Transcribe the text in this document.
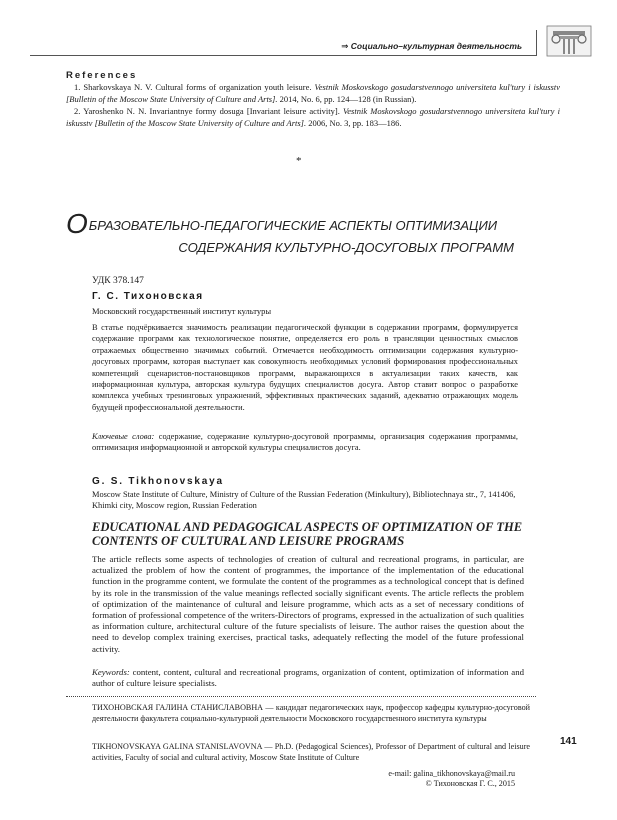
⇒ Социально–культурная деятельность
References

1. Sharkovskaya N. V. Cultural forms of organization youth leisure. Vestnik Moskovskogo gosudarstvennogo universiteta kul'tury i iskusstv [Bulletin of the Moscow State University of Culture and Arts]. 2014, No. 6, pp. 124—128 (in Russian).

2. Yaroshenko N. N. Invariantnye formy dosuga [Invariant leisure activity]. Vestnik Moskovskogo gosudarstvennogo universiteta kul'tury i iskusstv [Bulletin of the Moscow State University of Culture and Arts]. 2006, No. 3, pp. 183—186.

*
ОБРАЗОВАТЕЛЬНО-ПЕДАГОГИЧЕСКИЕ АСПЕКТЫ ОПТИМИЗАЦИИ
СОДЕРЖАНИЯ КУЛЬТУРНО-ДОСУГОВЫХ ПРОГРАММ
УДК 378.147
Г. С. Тихоновская
Московский государственный институт культуры
В статье подчёркивается значимость реализации педагогической функции в содержании программ, формулируется содержание программ как технологическое понятие, определяется его роль в трансляции ценностных смыслов отражаемых общественно значимых событий. Отмечается необходимость оптимизации содержания культурно-досуговых программ, которая выступает как совокупность необходимых условий формирования профессиональных компетенций сценаристов-постановщиков программ, выражающихся в актуализации таких качеств, как информационная культура, авторская культура будущих специалистов досуга. Автор ставит вопрос о разработке комплекса учебных тренинговых упражнений, эффективных практических заданий, адекватно отражающих модель будущей профессиональной деятельности.
Ключевые слова: содержание, содержание культурно-досуговой программы, организация содержания программы, оптимизация информационной и авторской культуры специалистов досуга.
G. S. Tikhonovskaya
Moscow State Institute of Culture, Ministry of Culture of the Russian Federation (Minkultury), Bibliotechnaya str., 7, 141406, Khimki city, Moscow region, Russian Federation
EDUCATIONAL AND PEDAGOGICAL ASPECTS OF OPTIMIZATION OF THE CONTENTS OF CULTURAL AND LEISURE PROGRAMS
The article reflects some aspects of technologies of creation of cultural and recreational programs, in particular, are actualized the problem of how the content of programmes, the importance of the implementation of the educational function in the programme content, we formulate the content of the programmes as a technological concept that is defined by its role in the transmission of the value meanings reflected socially significant events. The article reflects the problem of optimization of the maintenance of cultural and leisure programme, which acts as a set of necessary conditions of formation of professional competence of the writers-Directors of programs, expressed in the actualization of such qualities as information culture, architectural culture of the future specialists of leisure. The author raises the question about the need to develop complex training exercises, practical tasks, adequately reflecting the model of the future professional activity.
Keywords: content, content, cultural and recreational programs, organization of content, optimization of information and author of culture leisure specialists.
ТИХОНОВСКАЯ ГАЛИНА СТАНИСЛАВОВНА — кандидат педагогических наук, профессор кафедры культурно-досуговой деятельности факультета социально-культурной деятельности Московского государственного института культуры
TIKHONOVSKAYA GALINA STANISLAVOVNA — Ph.D. (Pedagogical Sciences), Professor of Department of cultural and leisure activities, Faculty of social and cultural activity, Moscow State Institute of Culture
141
e-mail: galina_tikhonovskaya@mail.ru
© Тихоновская Г. С., 2015
